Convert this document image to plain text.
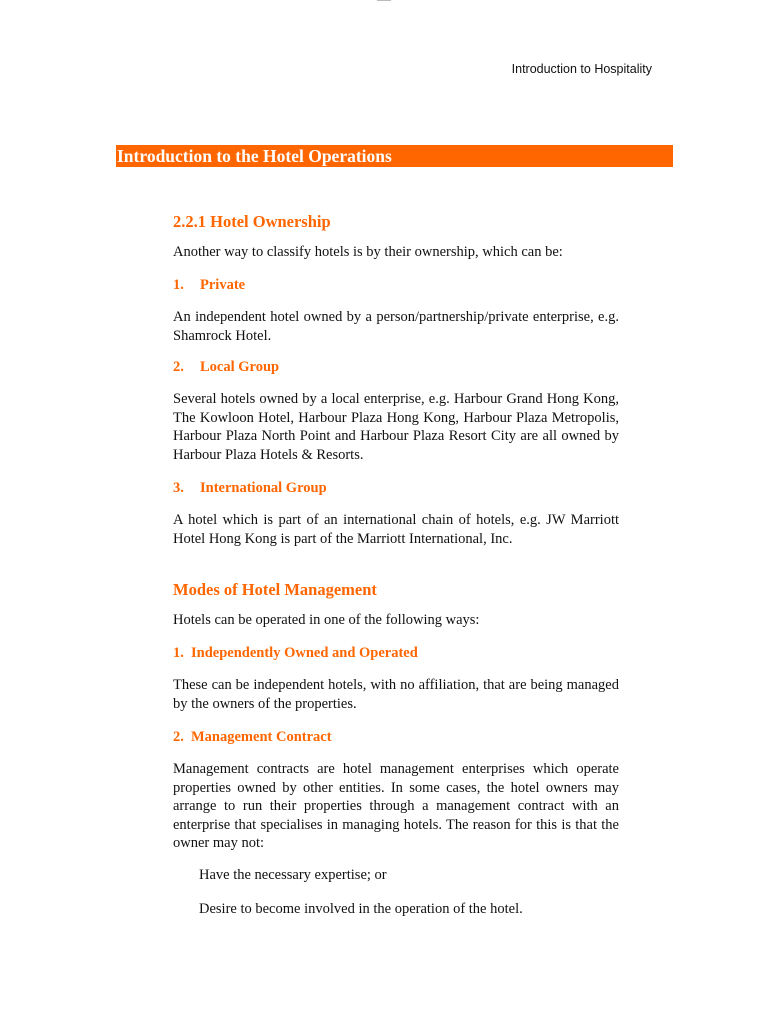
Introduction to Hospitality
Introduction to the Hotel Operations
2.2.1 Hotel Ownership
Another way to classify hotels is by their ownership, which can be:
1. Private
An independent hotel owned by a person/partnership/private enterprise, e.g. Shamrock Hotel.
2. Local Group
Several hotels owned by a local enterprise, e.g. Harbour Grand Hong Kong, The Kowloon Hotel, Harbour Plaza Hong Kong, Harbour Plaza Metropolis, Harbour Plaza North Point and Harbour Plaza Resort City are all owned by Harbour Plaza Hotels & Resorts.
3. International Group
A hotel which is part of an international chain of hotels, e.g. JW Marriott Hotel Hong Kong is part of the Marriott International, Inc.
Modes of Hotel Management
Hotels can be operated in one of the following ways:
1. Independently Owned and Operated
These can be independent hotels, with no affiliation, that are being managed by the owners of the properties.
2. Management Contract
Management contracts are hotel management enterprises which operate properties owned by other entities. In some cases, the hotel owners may arrange to run their properties through a management contract with an enterprise that specialises in managing hotels. The reason for this is that the owner may not:
Have the necessary expertise; or
Desire to become involved in the operation of the hotel.
